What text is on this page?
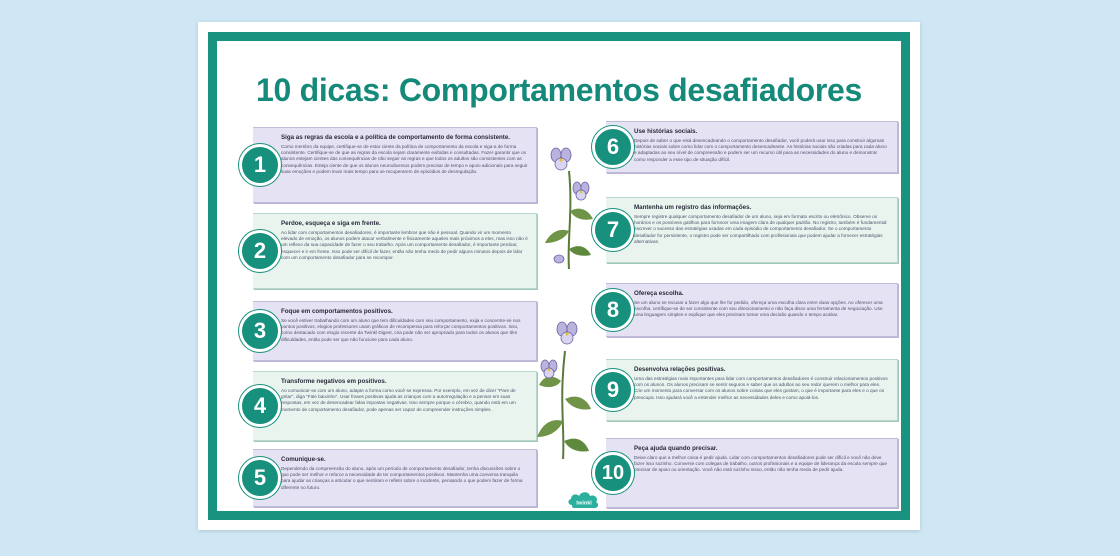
10 dicas: Comportamentos desafiadores
Siga as regras da escola e a política de comportamento de forma consistente.

Como membro da equipe, certifique-se de estar ciente da política de comportamento da escola e siga-a de forma consistente. Certifique-se de que as regras da escola sejam claramente exibidas e consultadas. Fazer garantir que os alunos estejam cientes das consequências de não seguir as regras e que todos os adultos são consistentes com as consequências. Esteja ciente de que os alunos neurodiversos podem precisar de tempo e apoio adicionais para seguir suas emoções e podem levar mais tempo para se recuperarem de episódios de desregulação.

1
Perdoe, esqueça e siga em frente.

Ao lidar com comportamentos desafiadores, é importante lembrar que não é pessoal. Quando vir um momento elevado de emoção, os alunos podem atacar verbalmente e fisicamente aqueles mais próximos a eles, mas isso não é um reflexo da sua capacidade de fazer o seu trabalho. Após um comportamento desafiador, é importante perdoar, esquecer e ir em frente. Isso pode ser difícil de fazer, então não tenha medo de pedir alguns minutos depois de lidar com um comportamento desafiador para se recompor.

2
Foque em comportamentos positivos.

Se você estiver trabalhando com um aluno que tem dificuldades com seu comportamento, exija e concentre-se nos pontos positivos, elogios professores usam gráficos de recompensa para reforçar comportamentos positivos. Isso, como destacado com elogio recente da Twinkl Digest, cria pode não ser apropriado para todos os alunos que têm dificuldades, então pode ser que não funcione para cada aluno.

3
Transforme negativos em positivos.

Ao comunicar-se com um aluno, adapte a forma como você se expressa. Por exemplo, em vez de dizer "Pare de gritar", diga "Fale baixinho". Usar frases positivas ajuda as crianças com a autorregulação e a pensar em suas respostas, em vez de desencadear falas impostas negativas. Isso sempre porque o cérebro, quando está em um momento de comportamento desafiador, pode apenas ser capaz de compreender instruções simples.

4
Comunique-se.

Dependendo da compreensão do aluno, após um período de comportamento desafiador, tenha discussões sobre o que pode ser melhor e reforce a necessidade de ter comportamentos positivos. Mantenha uma conversa tranquila para ajudar as crianças a articular o que sentiram e refletir sobre o incidente, pensando o que podem fazer de forma diferente no futuro.

5
Use histórias sociais.

Depois de saber o que está desencadeando o comportamento desafiador, você poderá usar isso para construir algumas histórias sociais sobre como lidar com o comportamento desencadeante. As histórias sociais são criadas para cada aluno e adaptadas ao seu nível de compreensão e podem ser um recurso útil para as necessidades do aluno e demonstrar como responder a esse tipo de situação difícil.

6
Mantenha um registro das informações.

Sempre registre qualquer comportamento desafiador de um aluno, seja em formato escrito ou eletrônico. Observe os horários e os possíveis gatilhos para fornecer uma imagem clara de qualquer padrão. No registro, também é fundamental escrever o sucesso das estratégias usadas em cada episódio de comportamento desafiador. Se o comportamento desafiador for persistente, o registro pode ser compartilhado com profissionais que podem ajudar a fornecer estratégias alternativas.

7
Ofereça escolha.

Se um aluno se recusar a fazer algo que lhe for pedido, ofereça uma escolha clara entre duas opções. Ao oferecer uma escolha, certifique-se de ser consistente com seu direcionamento e não faça disso uma ferramenta de negociação. Use uma linguagem simples e explique que eles precisam tomar uma decisão quando o tempo acabar.

8
Desenvolva relações positivas.

Uma das estratégias mais importantes para lidar com comportamentos desafiadores é construir relacionamentos positivos com os alunos. Os alunos precisam se sentir seguros e saber que os adultos ao seu redor querem o melhor para eles. Crie um momento para conversar com os alunos sobre coisas que eles gostam, o que é importante para eles e o que os preocupa. Isso ajudará você a entender melhor as necessidades deles e como apoiá-los.

9
Peça ajuda quando precisar.

Deixe claro que a melhor coisa é pedir ajuda. Lidar com comportamentos desafiadores pode ser difícil e você não deve fazer isso sozinho. Converse com colegas de trabalho, outros profissionais e a equipe de liderança da escola sempre que precisar de apoio ou orientação. Você não está sozinho nisso, então não tenha medo de pedir ajuda.

10
twinkl
visit twinkl.com
